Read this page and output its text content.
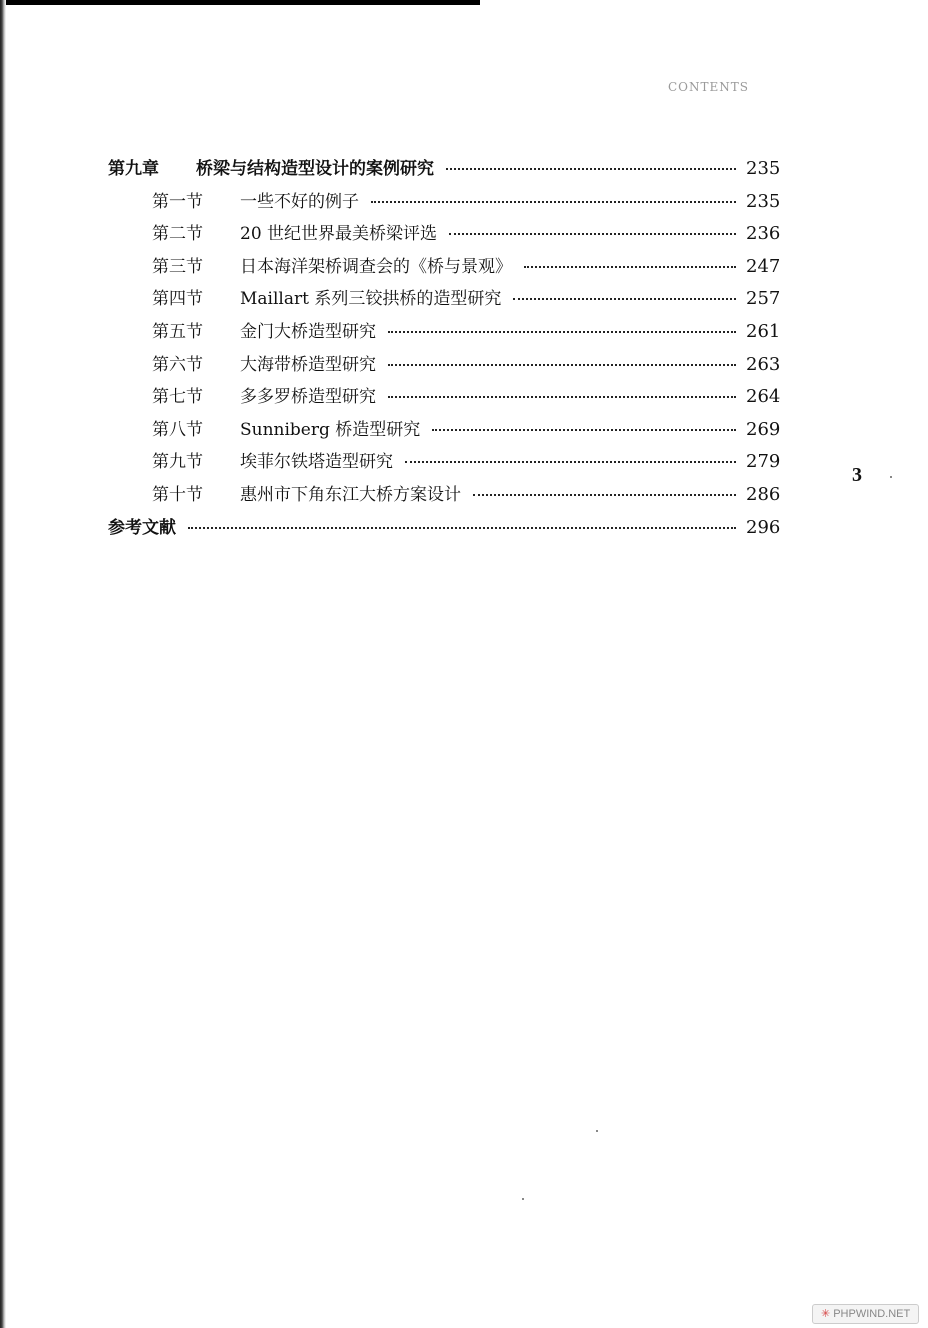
CONTENTS
第九章	桥梁与结构造型设计的案例研究	235
第一节	一些不好的例子	235
第二节	20 世纪世界最美桥梁评选	236
第三节	日本海洋架桥调查会的《桥与景观》	247
第四节	Maillart 系列三铰拱桥的造型研究	257
第五节	金门大桥造型研究	261
第六节	大海带桥造型研究	263
第七节	多多罗桥造型研究	264
第八节	Sunniberg 桥造型研究	269
第九节	埃菲尔铁塔造型研究	279
第十节	惠州市下角东江大桥方案设计	286
参考文献	296
3
✳ PHPWIND.NET
